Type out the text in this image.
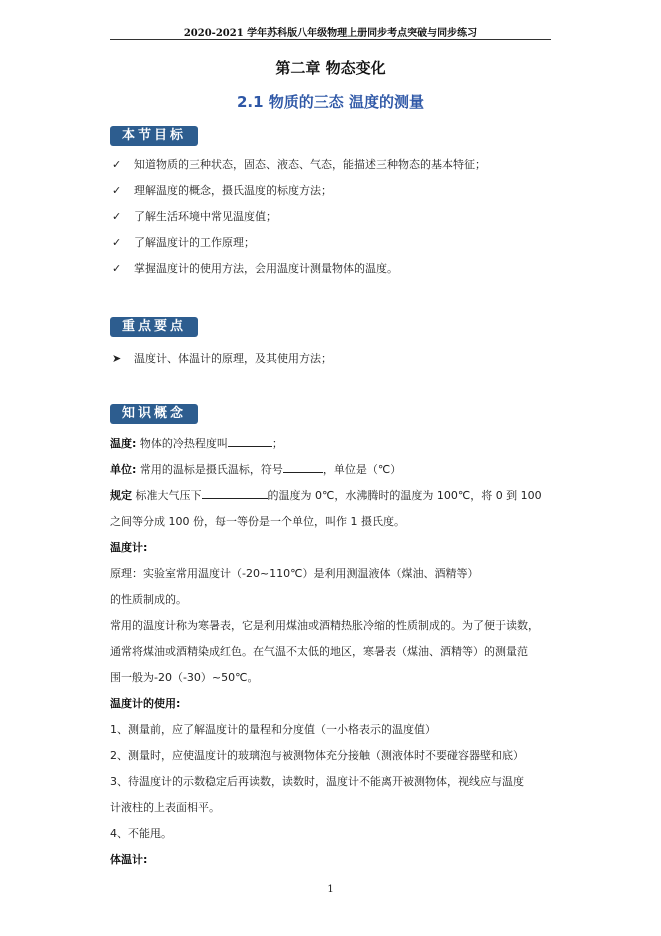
2020-2021 学年苏科版八年级物理上册同步考点突破与同步练习
第二章 物态变化
2.1 物质的三态 温度的测量
本节目标
✓ 知道物质的三种状态，固态、液态、气态，能描述三种物态的基本特征；
✓ 理解温度的概念，摄氏温度的标度方法；
✓ 了解生活环境中常见温度值；
✓ 了解温度计的工作原理；
✓ 掌握温度计的使用方法，会用温度计测量物体的温度。
重点要点
➤ 温度计、体温计的原理，及其使用方法；
知识概念
温度: 物体的冷热程度叫	；
单位: 常用的温标是摄氏温标，符号	，单位是（℃）
规定 标准大气压下	的温度为 0℃，水沸腾时的温度为 100℃，将 0 到 100
之间等分成 100 份，每一等份是一个单位，叫作 1 摄氏度。
温度计:
原理：实验室常用温度计（-20~110℃）是利用测温液体（煤油、酒精等）
的性质制成的。
常用的温度计称为寒暑表，它是利用煤油或酒精热胀冷缩的性质制成的。为了便于读数，
通常将煤油或酒精染成红色。在气温不太低的地区，寒暑表（煤油、酒精等）的测量范
围一般为-20（-30）~50℃。
温度计的使用:
1、测量前，应了解温度计的量程和分度值（一小格表示的温度值）
2、测量时，应使温度计的玻璃泡与被测物体充分接触（测液体时不要碰容器壁和底）
3、待温度计的示数稳定后再读数，读数时，温度计不能离开被测物体，视线应与温度
计液柱的上表面相平。
4、不能甩。
体温计:
1
